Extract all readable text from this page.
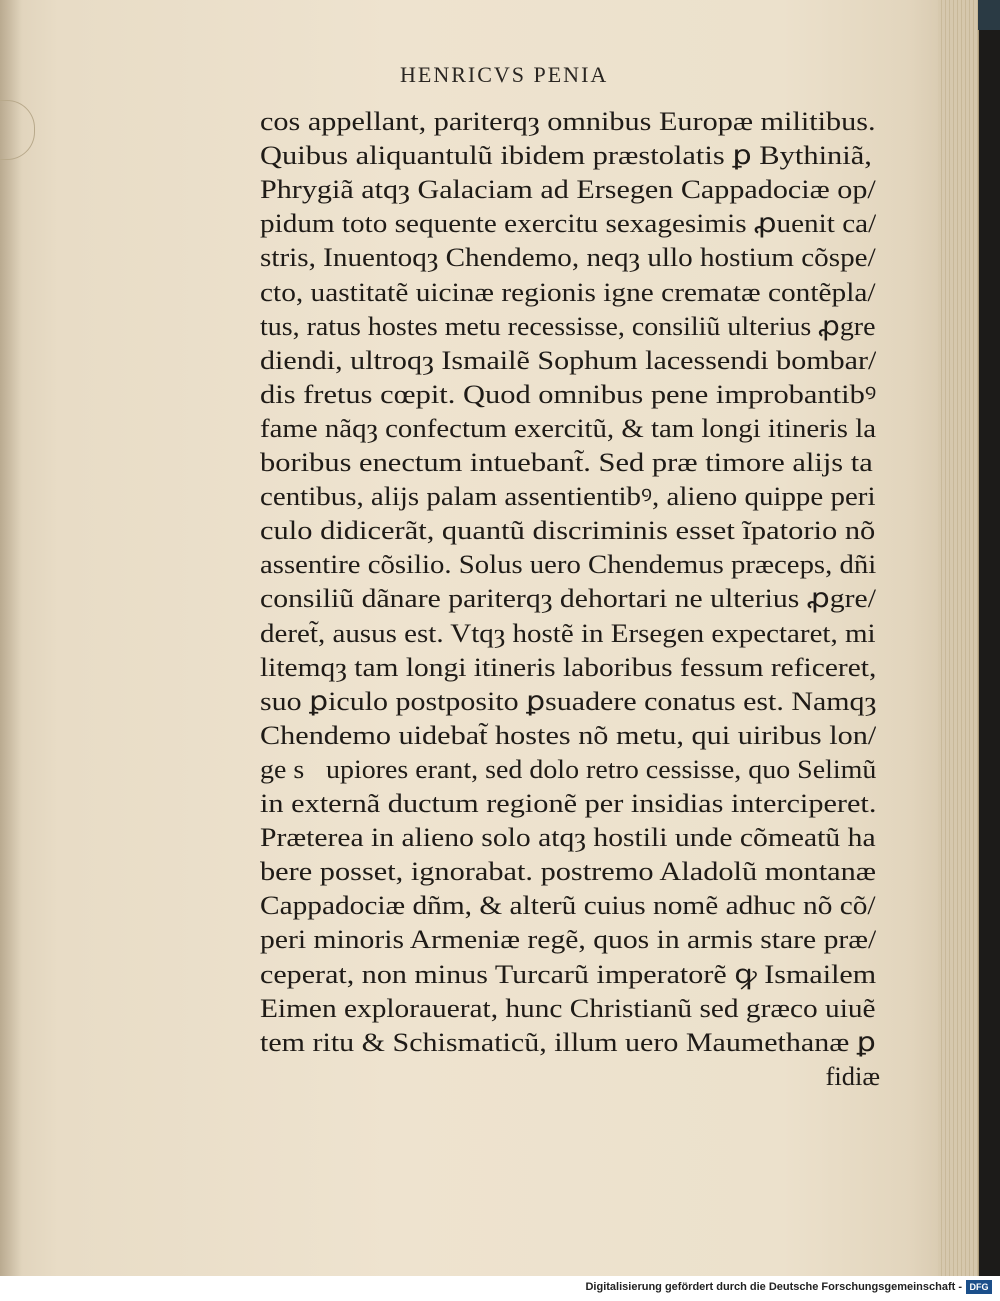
HENRICVS PENIA
cos appellant, pariterqȝ omnibus Europæ militibus.
Quibus aliquantulũ ibidem præstolatis ꝑ Bythiniã,
Phrygiã atqȝ Galaciam ad Ersegen Cappadociæ op/
pidum toto sequente exercitu sexagesimis ꝓuenit ca/
stris, Inuentoqȝ Chendemo, neqȝ ullo hostium cõspe/
cto, uastitatẽ uicinæ regionis igne crematæ contẽpla/
tus, ratus hostes metu recessisse, consiliũ ulterius ꝓgre
diendi, ultroqȝ Ismailẽ Sophum lacessendi bombar/
dis fretus cœpit. Quod omnibus pene improbantibꝰ
fame nãqȝ confectum exercitũ, & tam longi itineris la
boribus enectum intuebant̃. Sed præ timore alijs ta
centibus, alijs palam assentientibꝰ, alieno quippe peri
culo didicerãt, quantũ discriminis esset ĩpatorio nõ
assentire cõsilio. Solus uero Chendemus præceps, dñi
consiliũ dãnare pariterqȝ dehortari ne ulterius ꝓgre/
deret̃, ausus est. Vtqȝ hostẽ in Ersegen expectaret, mi
litemqȝ tam longi itineris laboribus fessum reficeret,
suo ꝑiculo postposito ꝑsuadere conatus est. Namqȝ
Chendemo uidebat̃ hostes nõ metu, qui uiribus lon/
ge sᷓupiores erant, sed dolo retro cessisse, quo Selimũ
in externã ductum regionẽ per insidias interciperet.
Præterea in alieno solo atqȝ hostili unde cõmeatũ ha
bere posset, ignorabat. postremo Aladolũ montanæ
Cappadociæ dñm, & alterũ cuius nomẽ adhuc nõ cõ/
peri minoris Armeniæ regẽ, quos in armis stare præ/
ceperat, non minus Turcarũ imperatorẽ ꝙ Ismailem
Eimen explorauerat, hunc Christianũ sed græco uiuẽ
tem ritu & Schismaticũ, illum uero Maumethanæ ꝑ
fidiæ
Digitalisierung gefördert durch die Deutsche Forschungsgemeinschaft - DFG
